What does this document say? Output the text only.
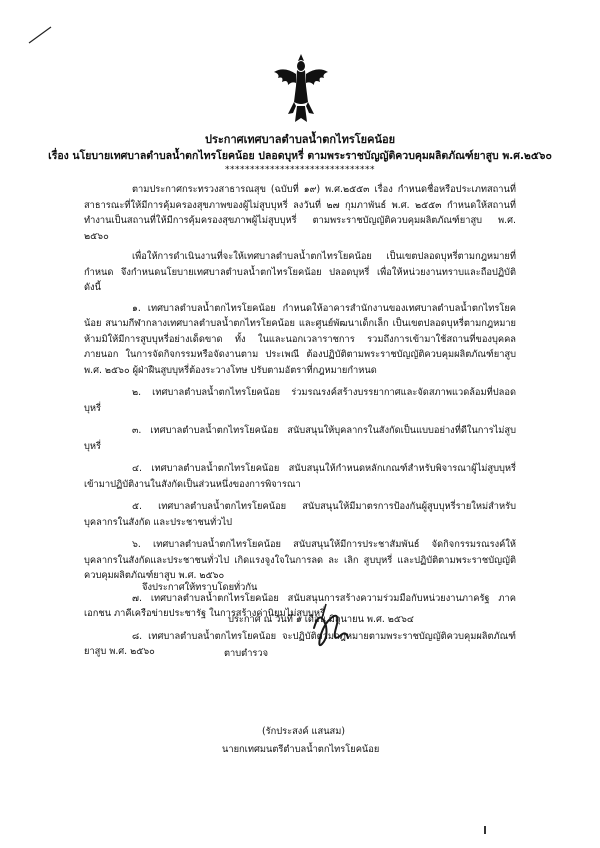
ประกาศเทศบาลตำบลน้ำตกไทรโยคน้อย
เรื่อง นโยบายเทศบาลตำบลน้ำตกไทรโยคน้อย ปลอดบุหรี่ ตามพระราชบัญญัติควบคุมผลิตภัณฑ์ยาสูบ พ.ศ.๒๕๖๐
******************************

ตามประกาศกระทรวงสาธารณสุข (ฉบับที่ ๑๙) พ.ศ.๒๕๕๓ เรื่อง กำหนดชื่อหรือประเภทสถานที่สาธารณะที่ให้มีการคุ้มครองสุขภาพของผู้ไม่สูบบุหรี่ ลงวันที่ ๒๗ กุมภาพันธ์ พ.ศ. ๒๕๕๓ กำหนดให้สถานที่ทำงานเป็นสถานที่ให้มีการคุ้มครองสุขภาพผู้ไม่สูบบุหรี่ ตามพระราชบัญญัติควบคุมผลิตภัณฑ์ยาสูบ พ.ศ. ๒๕๖๐

เพื่อให้การดำเนินงานที่จะให้เทศบาลตำบลน้ำตกไทรโยคน้อย เป็นเขตปลอดบุหรี่ตามกฎหมายที่กำหนด จึงกำหนดนโยบายเทศบาลตำบลน้ำตกไทรโยคน้อย ปลอดบุหรี่ เพื่อให้หน่วยงานทราบและถือปฏิบัติดังนี้

๑. เทศบาลตำบลน้ำตกไทรโยคน้อย กำหนดให้อาคารสำนักงานของเทศบาลตำบลน้ำตกไทรโยคน้อย สนามกีฬากลางเทศบาลตำบลน้ำตกไทรโยคน้อย และศูนย์พัฒนาเด็กเล็ก เป็นเขตปลอดบุหรี่ตามกฎหมาย ห้ามมิให้มีการสูบบุหรี่อย่างเด็ดขาด ทั้ง ในและนอกเวลาราชการ รวมถึงการเข้ามาใช้สถานที่ของบุคคลภายนอก ในการจัดกิจกรรมหรือจัดงานตาม ประเพณี ต้องปฏิบัติตามพระราชบัญญัติควบคุมผลิตภัณฑ์ยาสูบ พ.ศ. ๒๕๖๐ ผู้ฝ่าฝืนสูบบุหรี่ต้องระวางโทษ ปรับตามอัตราที่กฎหมายกำหนด

๒. เทศบาลตำบลน้ำตกไทรโยคน้อย ร่วมรณรงค์สร้างบรรยากาศและจัดสภาพแวดล้อมที่ปลอดบุหรี่

๓. เทศบาลตำบลน้ำตกไทรโยคน้อย สนับสนุนให้บุคลากรในสังกัดเป็นแบบอย่างที่ดีในการไม่สูบบุหรี่

๔. เทศบาลตำบลน้ำตกไทรโยคน้อย สนับสนุนให้กำหนดหลักเกณฑ์สำหรับพิจารณาผู้ไม่สูบบุหรี่เข้ามาปฏิบัติงานในสังกัดเป็นส่วนหนึ่งของการพิจารณา

๕. เทศบาลตำบลน้ำตกไทรโยคน้อย สนับสนุนให้มีมาตรการป้องกันผู้สูบบุหรี่รายใหม่สำหรับบุคลากรในสังกัด และประชาชนทั่วไป

๖. เทศบาลตำบลน้ำตกไทรโยคน้อย สนับสนุนให้มีการประชาสัมพันธ์ จัดกิจกรรมรณรงค์ให้บุคลากรในสังกัดและประชาชนทั่วไป เกิดแรงจูงใจในการลด ละ เลิก สูบบุหรี่ และปฏิบัติตามพระราชบัญญัติควบคุมผลิตภัณฑ์ยาสูบ พ.ศ. ๒๕๖๐

๗. เทศบาลตำบลน้ำตกไทรโยคน้อย สนับสนุนการสร้างความร่วมมือกับหน่วยงานภาครัฐ ภาคเอกชน ภาคีเครือข่ายประชารัฐ ในการสร้างค่านิยมไม่สูบบุหรี่

๘. เทศบาลตำบลน้ำตกไทรโยคน้อย จะปฏิบัติตามกฎหมายตามพระราชบัญญัติควบคุมผลิตภัณฑ์ยาสูบ พ.ศ. ๒๕๖๐

จึงประกาศให้ทราบโดยทั่วกัน
ประกาศ ณ วันที่ ๑ เดือน มิถุนายน พ.ศ. ๒๕๖๔
ตาบตำรวจ
(รักประสงค์ แสนสม)
นายกเทศมนตรีตำบลน้ำตกไทรโยคน้อย
